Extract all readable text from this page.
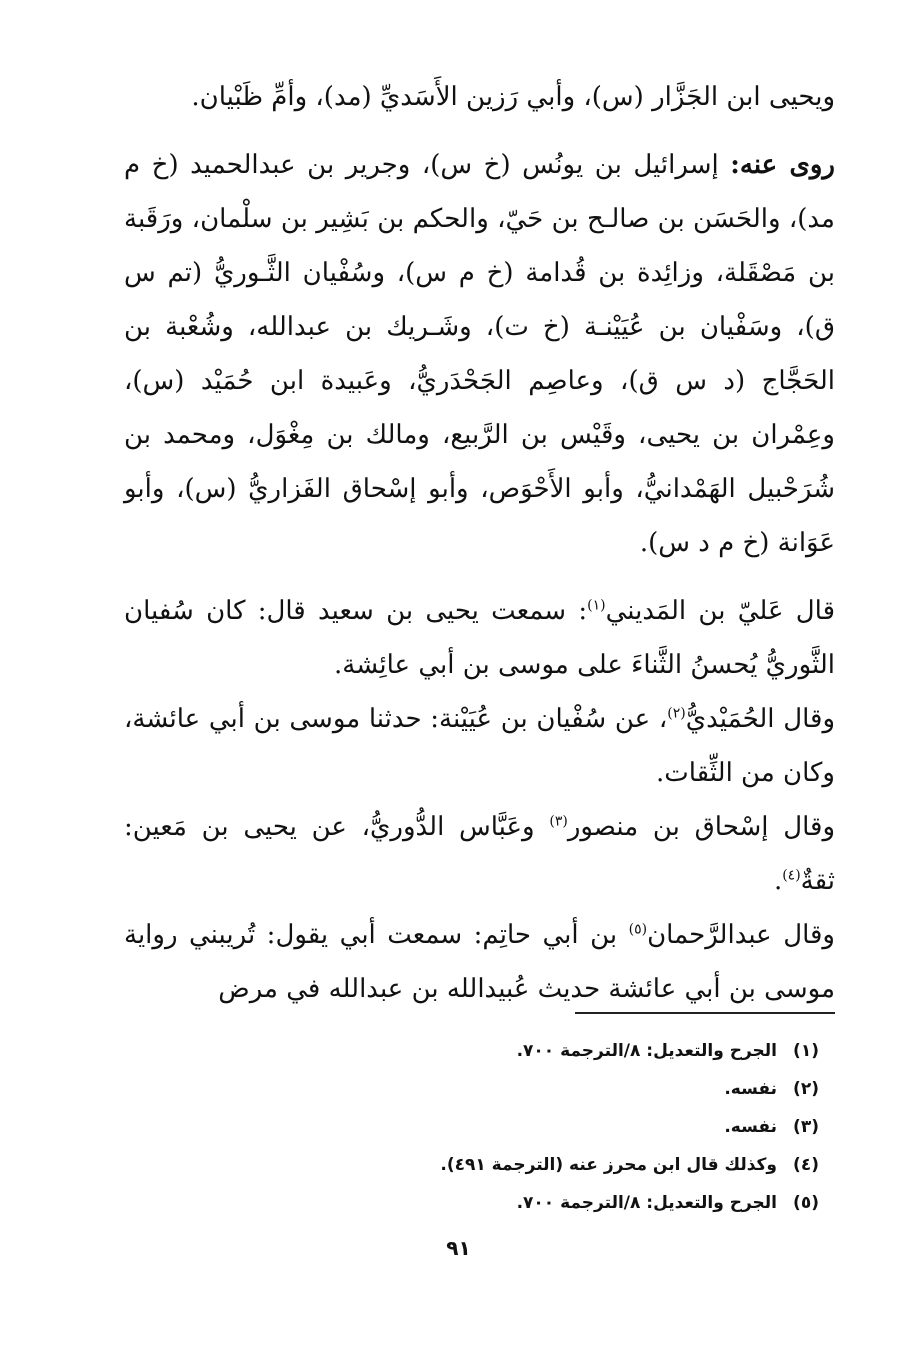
ويحيى ابن الجَزَّار (س)، وأبي رَزين الأَسَديِّ (مد)، وأمِّ ظَبْيان.

روى عنه: إسرائيل بن يونُس (خ س)، وجرير بن عبدالحميد (خ م مد)، والحَسَن بن صالـح بن حَيّ، والحكم بن بَشِير بن سلْمان، ورَقَبة بن مَصْقَلة، وزائِدة بن قُدامة (خ م س)، وسُفْيان الثَّـوريُّ (تم س ق)، وسَفْيان بن عُيَيْنـة (خ ت)، وشَـريك بن عبدالله، وشُعْبة بن الحَجَّاج (د س ق)، وعاصِم الجَحْدَريُّ، وعَبيدة ابن حُمَيْد (س)، وعِمْران بن يحيى، وقَيْس بن الرَّبيع، ومالك بن مِغْوَل، ومحمد بن شُرَحْبيل الهَمْدانيُّ، وأبو الأَحْوَص، وأبو إسْحاق الفَزاريُّ (س)، وأبو عَوَانة (خ م د س).

قال عَليّ بن المَديني$^{(١)}$: سمعت يحيى بن سعيد قال: كان سُفيان الثَّوريُّ يُحسنُ الثَّناءَ على موسى بن أبي عائِشة.

وقال الحُمَيْديُّ$^{(٢)}$، عن سُفْيان بن عُيَيْنة: حدثنا موسى بن أبي عائشة، وكان من الثِّقات.

وقال إسْحاق بن منصور$^{(٣)}$ وعَبَّاس الدُّوريُّ، عن يحيى بن مَعين: ثقةٌ$^{(٤)}$.

وقال عبدالرَّحمان$^{(٥)}$ بن أبي حاتِم: سمعت أبي يقول: تُريبني رواية موسى بن أبي عائشة حديث عُبيدالله بن عبدالله في مرض

(١)
الجرح والتعديل: ٨/الترجمة ٧٠٠.
(٢)
نفسه.
(٣)
نفسه.
(٤)
وكذلك قال ابن محرز عنه (الترجمة ٤٩١).
(٥)
الجرح والتعديل: ٨/الترجمة ٧٠٠.
٩١
